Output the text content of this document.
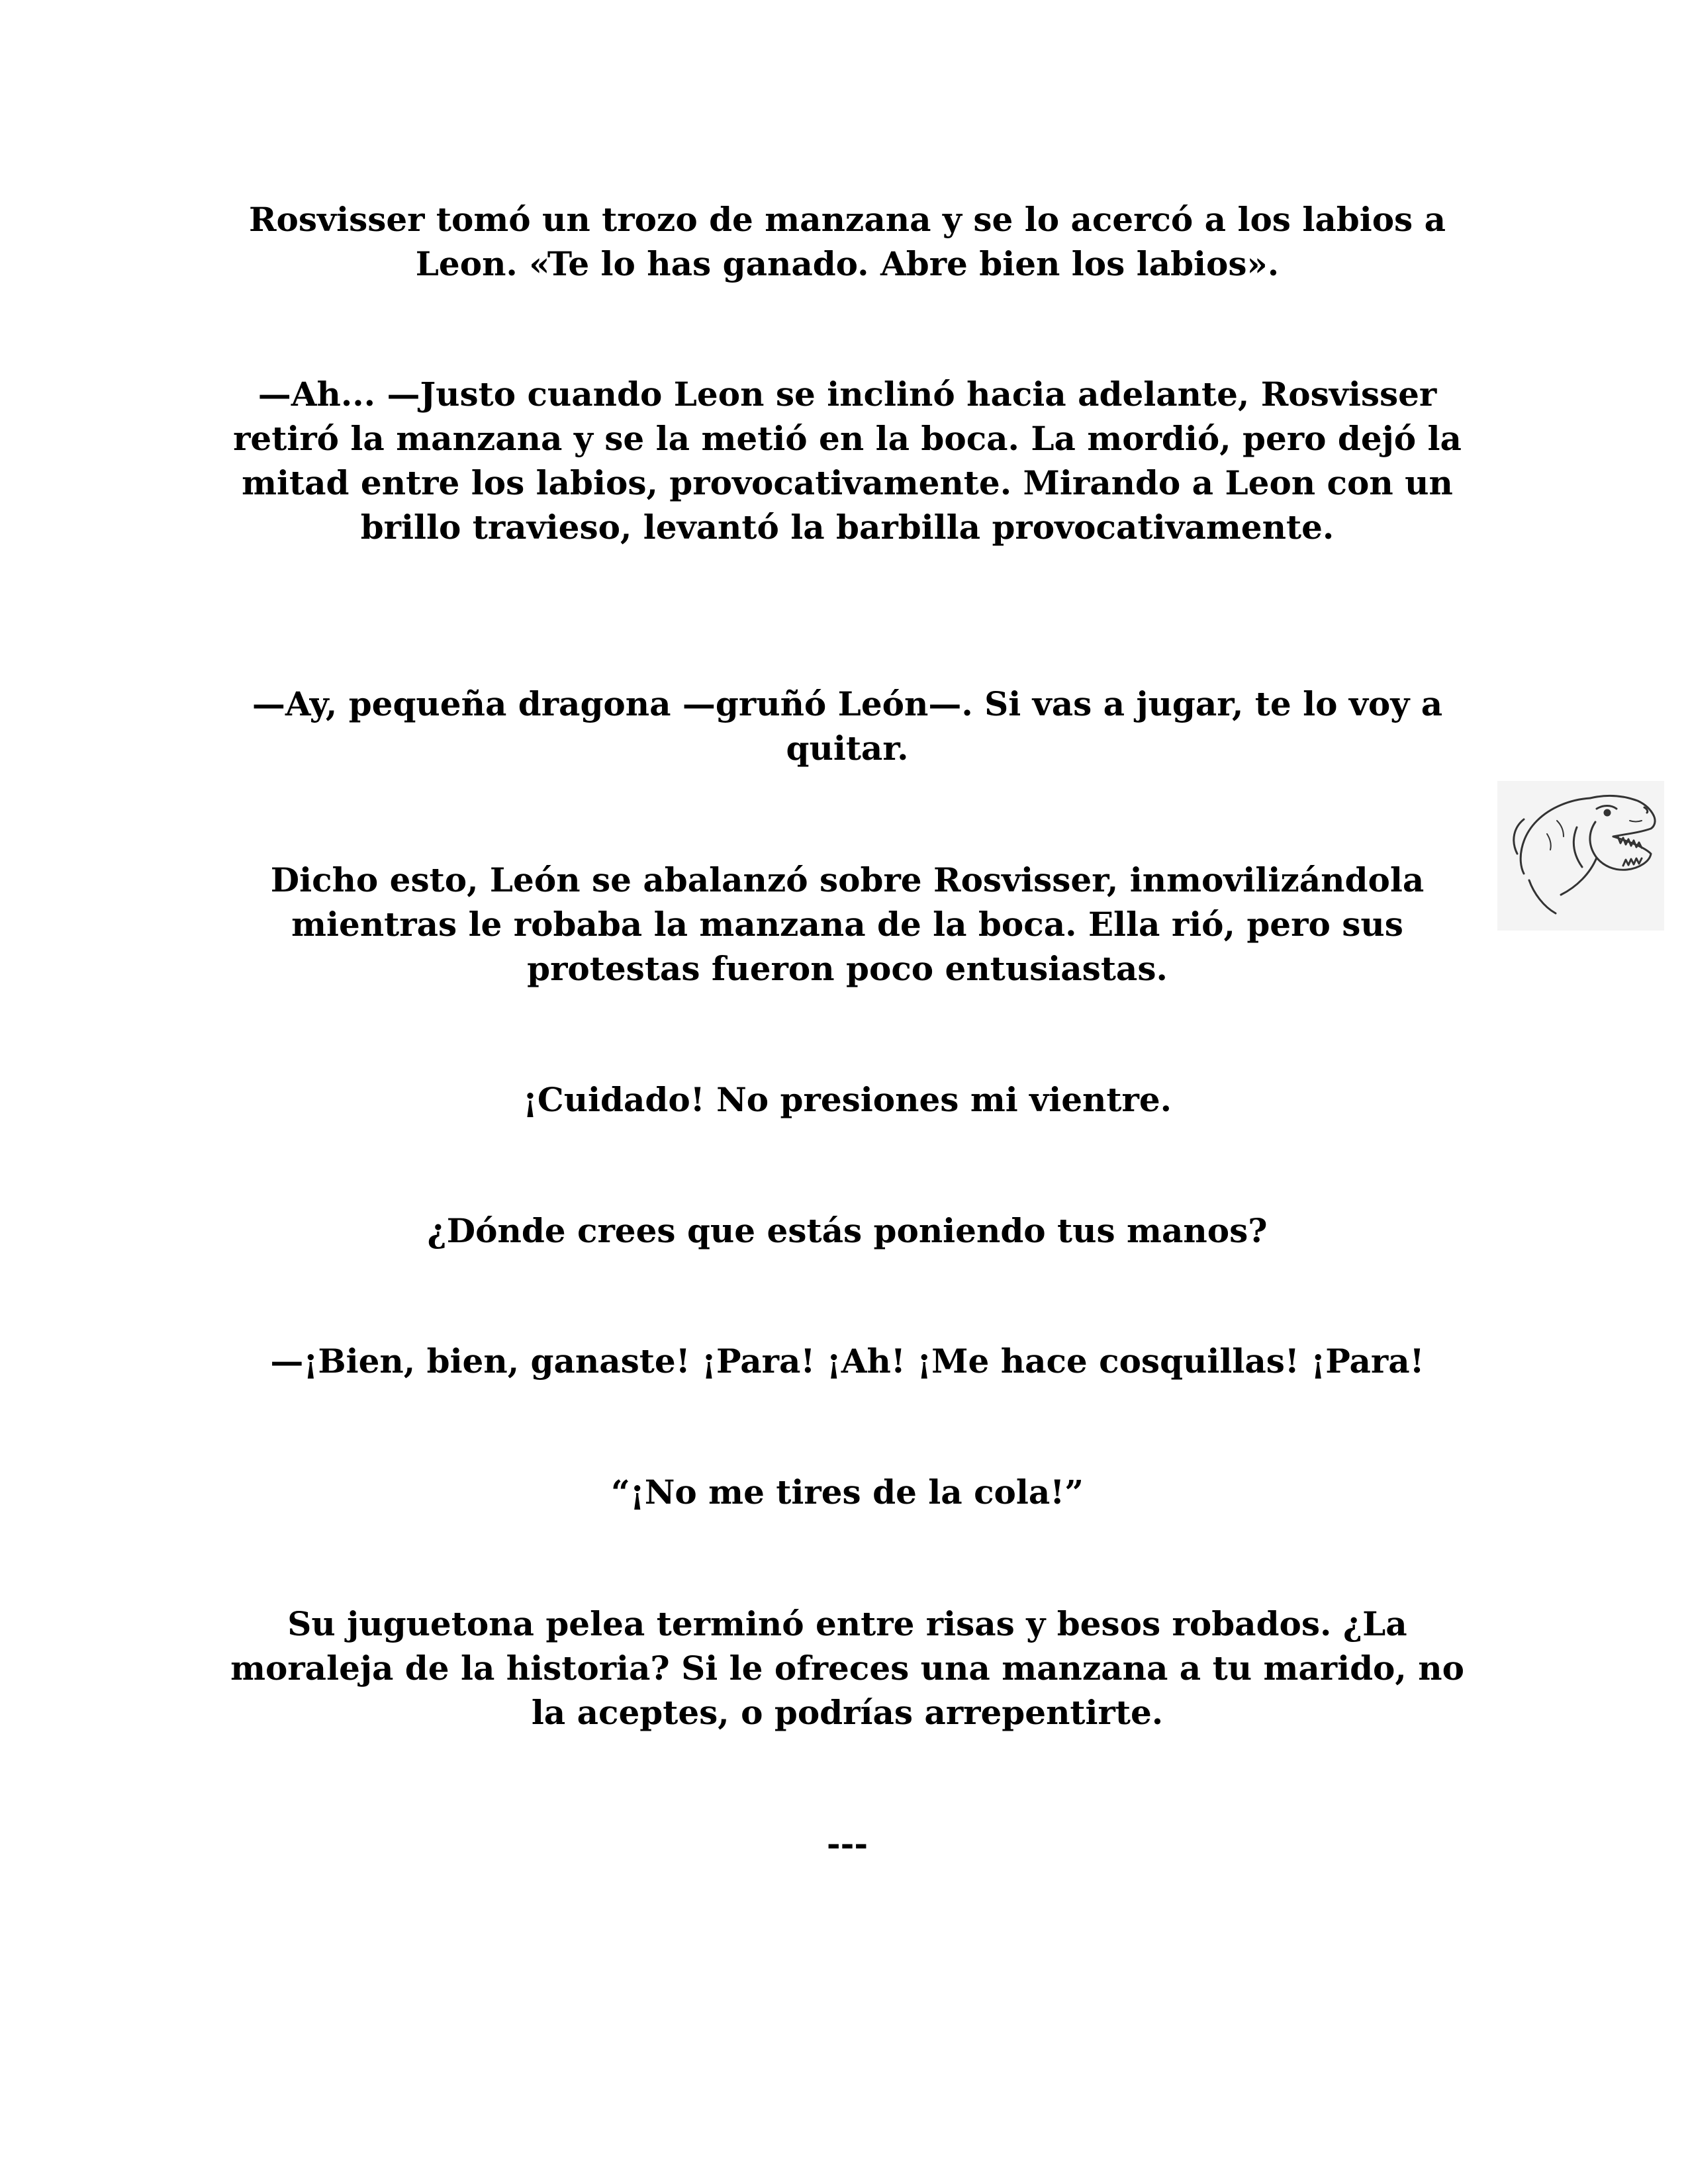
Rosvisser tomó un trozo de manzana y se lo acercó a los labios a Leon. «Te lo has ganado. Abre bien los labios».

—Ah... —Justo cuando Leon se inclinó hacia adelante, Rosvisser retiró la manzana y se la metió en la boca. La mordió, pero dejó la mitad entre los labios, provocativamente. Mirando a Leon con un brillo travieso, levantó la barbilla provocativamente.

—Ay, pequeña dragona —gruñó León—. Si vas a jugar, te lo voy a quitar.

Dicho esto, León se abalanzó sobre Rosvisser, inmovilizándola mientras le robaba la manzana de la boca. Ella rió, pero sus protestas fueron poco entusiastas.

¡Cuidado! No presiones mi vientre.

¿Dónde crees que estás poniendo tus manos?

—¡Bien, bien, ganaste! ¡Para! ¡Ah! ¡Me hace cosquillas! ¡Para!

“¡No me tires de la cola!”

Su juguetona pelea terminó entre risas y besos robados. ¿La moraleja de la historia? Si le ofreces una manzana a tu marido, no la aceptes, o podrías arrepentirte.

---
